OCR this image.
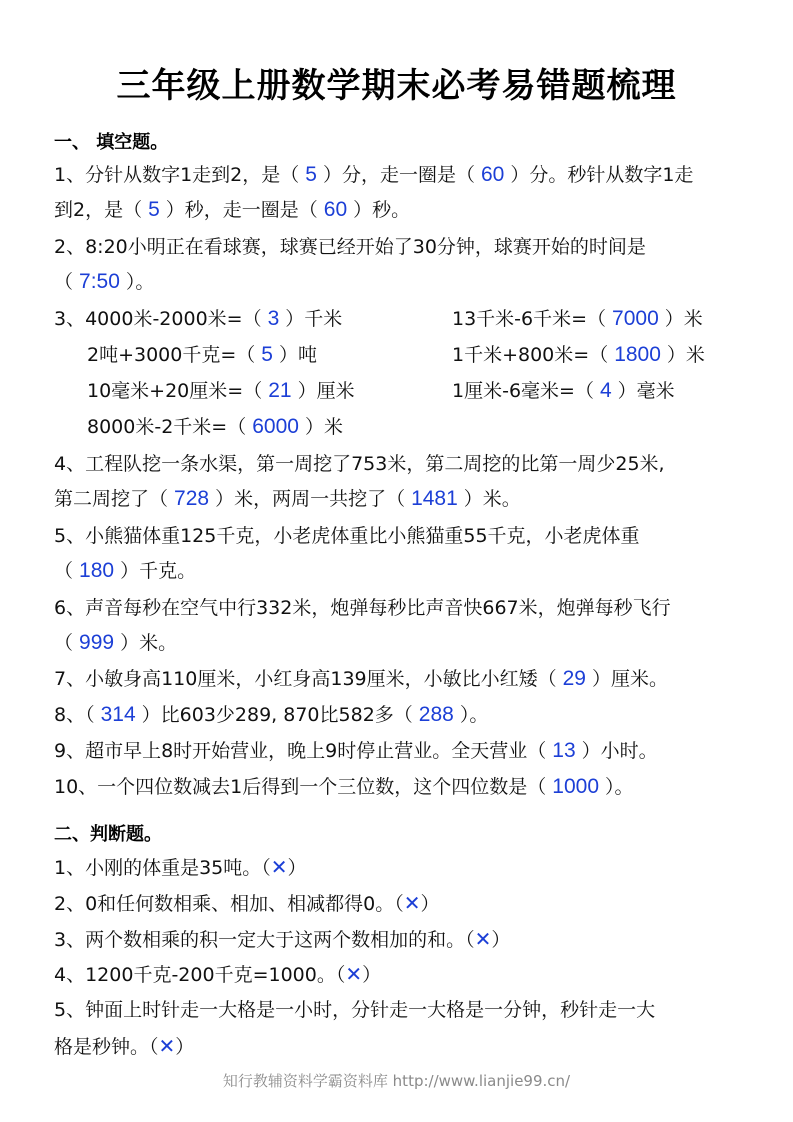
三年级上册数学期末必考易错题梳理
一、 填空题。
1、分针从数字1走到2，是（ 5 ）分，走一圈是（ 60 ）分。秒针从数字1走
到2，是（ 5 ）秒，走一圈是（ 60 ）秒。
2、8:20小明正在看球赛，球赛已经开始了30分钟，球赛开始的时间是
（ 7:50 ）。
3、4000米-2000米=（ 3 ）千米	13千米-6千米=（ 7000 ）米
2吨+3000千克=（ 5 ）吨	1千米+800米=（ 1800 ）米
10毫米+20厘米=（ 21 ）厘米	1厘米-6毫米=（ 4 ）毫米
8000米-2千米=（ 6000 ）米
4、工程队挖一条水渠，第一周挖了753米，第二周挖的比第一周少25米,
第二周挖了（ 728 ）米，两周一共挖了（ 1481 ）米。
5、小熊猫体重125千克，小老虎体重比小熊猫重55千克，小老虎体重
（ 180 ）千克。
6、声音每秒在空气中行332米，炮弹每秒比声音快667米，炮弹每秒飞行
（ 999 ）米。
7、小敏身高110厘米，小红身高139厘米，小敏比小红矮（ 29 ）厘米。
8、（ 314 ）比603少289, 870比582多（ 288 ）。
9、超市早上8时开始营业，晚上9时停止营业。全天营业（ 13 ）小时。
10、一个四位数减去1后得到一个三位数，这个四位数是（ 1000 ）。
二、判断题。
1、小刚的体重是35吨。（✕）
2、0和任何数相乘、相加、相减都得0。（✕）
3、两个数相乘的积一定大于这两个数相加的和。（✕）
4、1200千克-200千克=1000。（✕）
5、钟面上时针走一大格是一小时，分针走一大格是一分钟，秒针走一大
格是秒钟。（✕）
知行教辅资料学霸资料库 http://www.lianjie99.cn/
